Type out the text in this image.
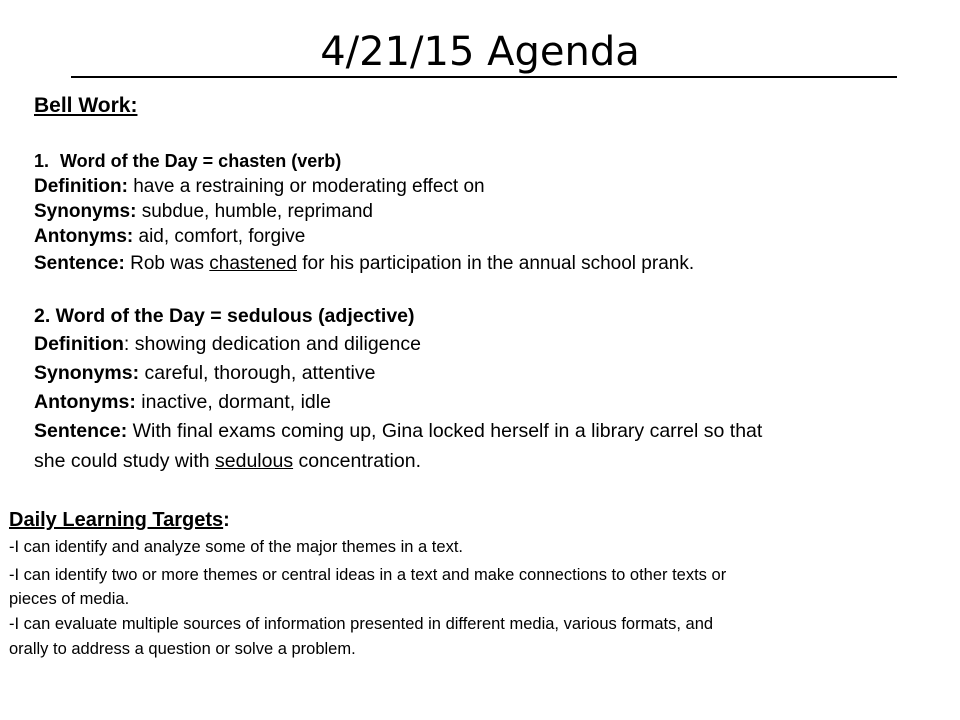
4/21/15 Agenda
Bell Work:
1. Word of the Day = chasten (verb)
Definition: have a restraining or moderating effect on
Synonyms: subdue, humble, reprimand
Antonyms: aid, comfort, forgive
Sentence: Rob was chastened for his participation in the annual school prank.
2. Word of the Day = sedulous (adjective)
Definition: showing dedication and diligence
Synonyms: careful, thorough, attentive
Antonyms: inactive, dormant, idle
Sentence: With final exams coming up, Gina locked herself in a library carrel so that
she could study with sedulous concentration.
Daily Learning Targets:
-I can identify and analyze some of the major themes in a text.
-I can identify two or more themes or central ideas in a text and make connections to other texts or
pieces of media.
-I can evaluate multiple sources of information presented in different media, various formats, and
orally to address a question or solve a problem.
